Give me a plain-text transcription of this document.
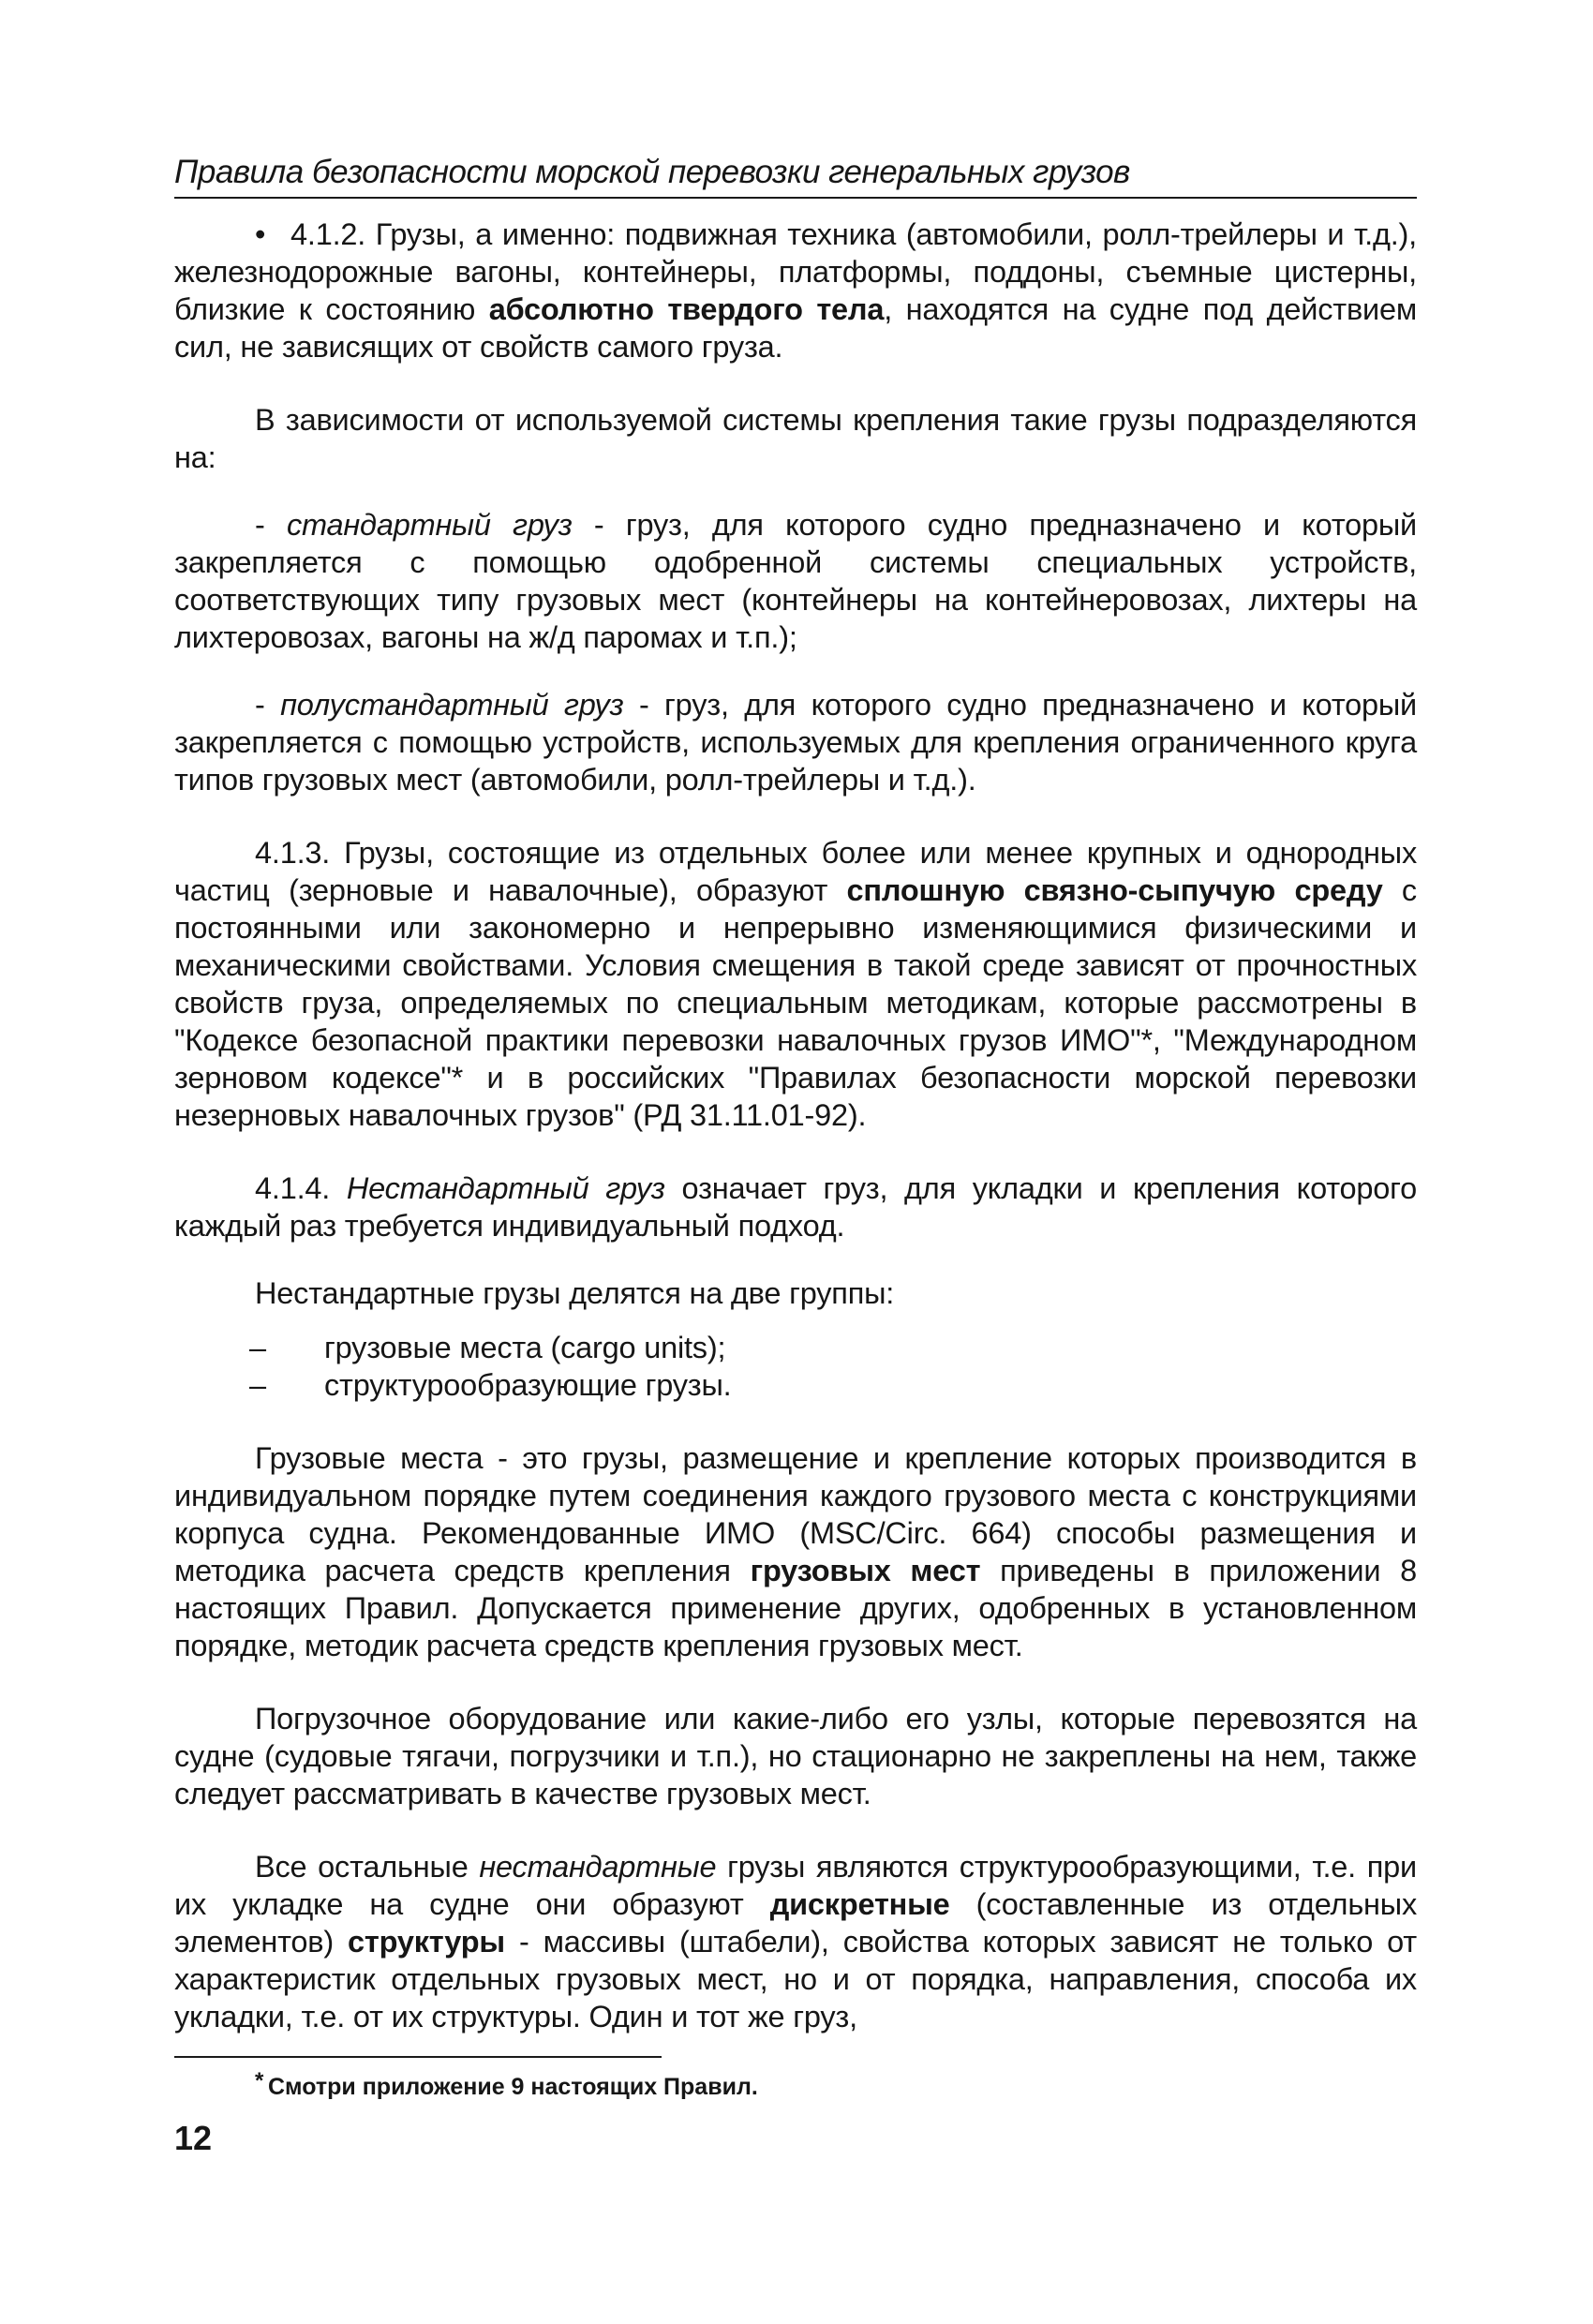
Правила безопасности морской перевозки генеральных грузов

• 4.1.2. Грузы, а именно: подвижная техника (автомобили, ролл-трейлеры и т.д.), железнодорожные вагоны, контейнеры, платформы, поддоны, съемные цистерны, близкие к состоянию абсолютно твердого тела, находятся на судне под действием сил, не зависящих от свойств самого груза.

В зависимости от используемой системы крепления такие грузы подразделяются на:

- стандартный груз - груз, для которого судно предназначено и который закрепляется с помощью одобренной системы специальных устройств, соответствующих типу грузовых мест (контейнеры на контейнеровозах, лихтеры на лихтеровозах, вагоны на ж/д паромах и т.п.);

- полустандартный груз - груз, для которого судно предназначено и который закрепляется с помощью устройств, используемых для крепления ограниченного круга типов грузовых мест (автомобили, ролл-трейлеры и т.д.).

4.1.3. Грузы, состоящие из отдельных более или менее крупных и однородных частиц (зерновые и навалочные), образуют сплошную связно-сыпучую среду с постоянными или закономерно и непрерывно изменяющимися физическими и механическими свойствами. Условия смещения в такой среде зависят от прочностных свойств груза, определяемых по специальным методикам, которые рассмотрены в "Кодексе безопасной практики перевозки навалочных грузов ИМО"*, "Международном зерновом кодексе"* и в российских "Правилах безопасности морской перевозки незерновых навалочных грузов" (РД 31.11.01-92).

4.1.4. Нестандартный груз означает груз, для укладки и крепления которого каждый раз требуется индивидуальный подход.

Нестандартные грузы делятся на две группы:

– грузовые места (cargo units);
– структурообразующие грузы.

Грузовые места - это грузы, размещение и крепление которых производится в индивидуальном порядке путем соединения каждого грузового места с конструкциями корпуса судна. Рекомендованные ИМО (MSC/Circ. 664) способы размещения и методика расчета средств крепления грузовых мест приведены в приложении 8 настоящих Правил. Допускается применение других, одобренных в установленном порядке, методик расчета средств крепления грузовых мест.

Погрузочное оборудование или какие-либо его узлы, которые перевозятся на судне (судовые тягачи, погрузчики и т.п.), но стационарно не закреплены на нем, также следует рассматривать в качестве грузовых мест.

Все остальные нестандартные грузы являются структурообразующими, т.е. при их укладке на судне они образуют дискретные (составленные из отдельных элементов) структуры - массивы (штабели), свойства которых зависят не только от характеристик отдельных грузовых мест, но и от порядка, направления, способа их укладки, т.е. от их структуры. Один и тот же груз,

* Смотри приложение 9 настоящих Правил.
12
